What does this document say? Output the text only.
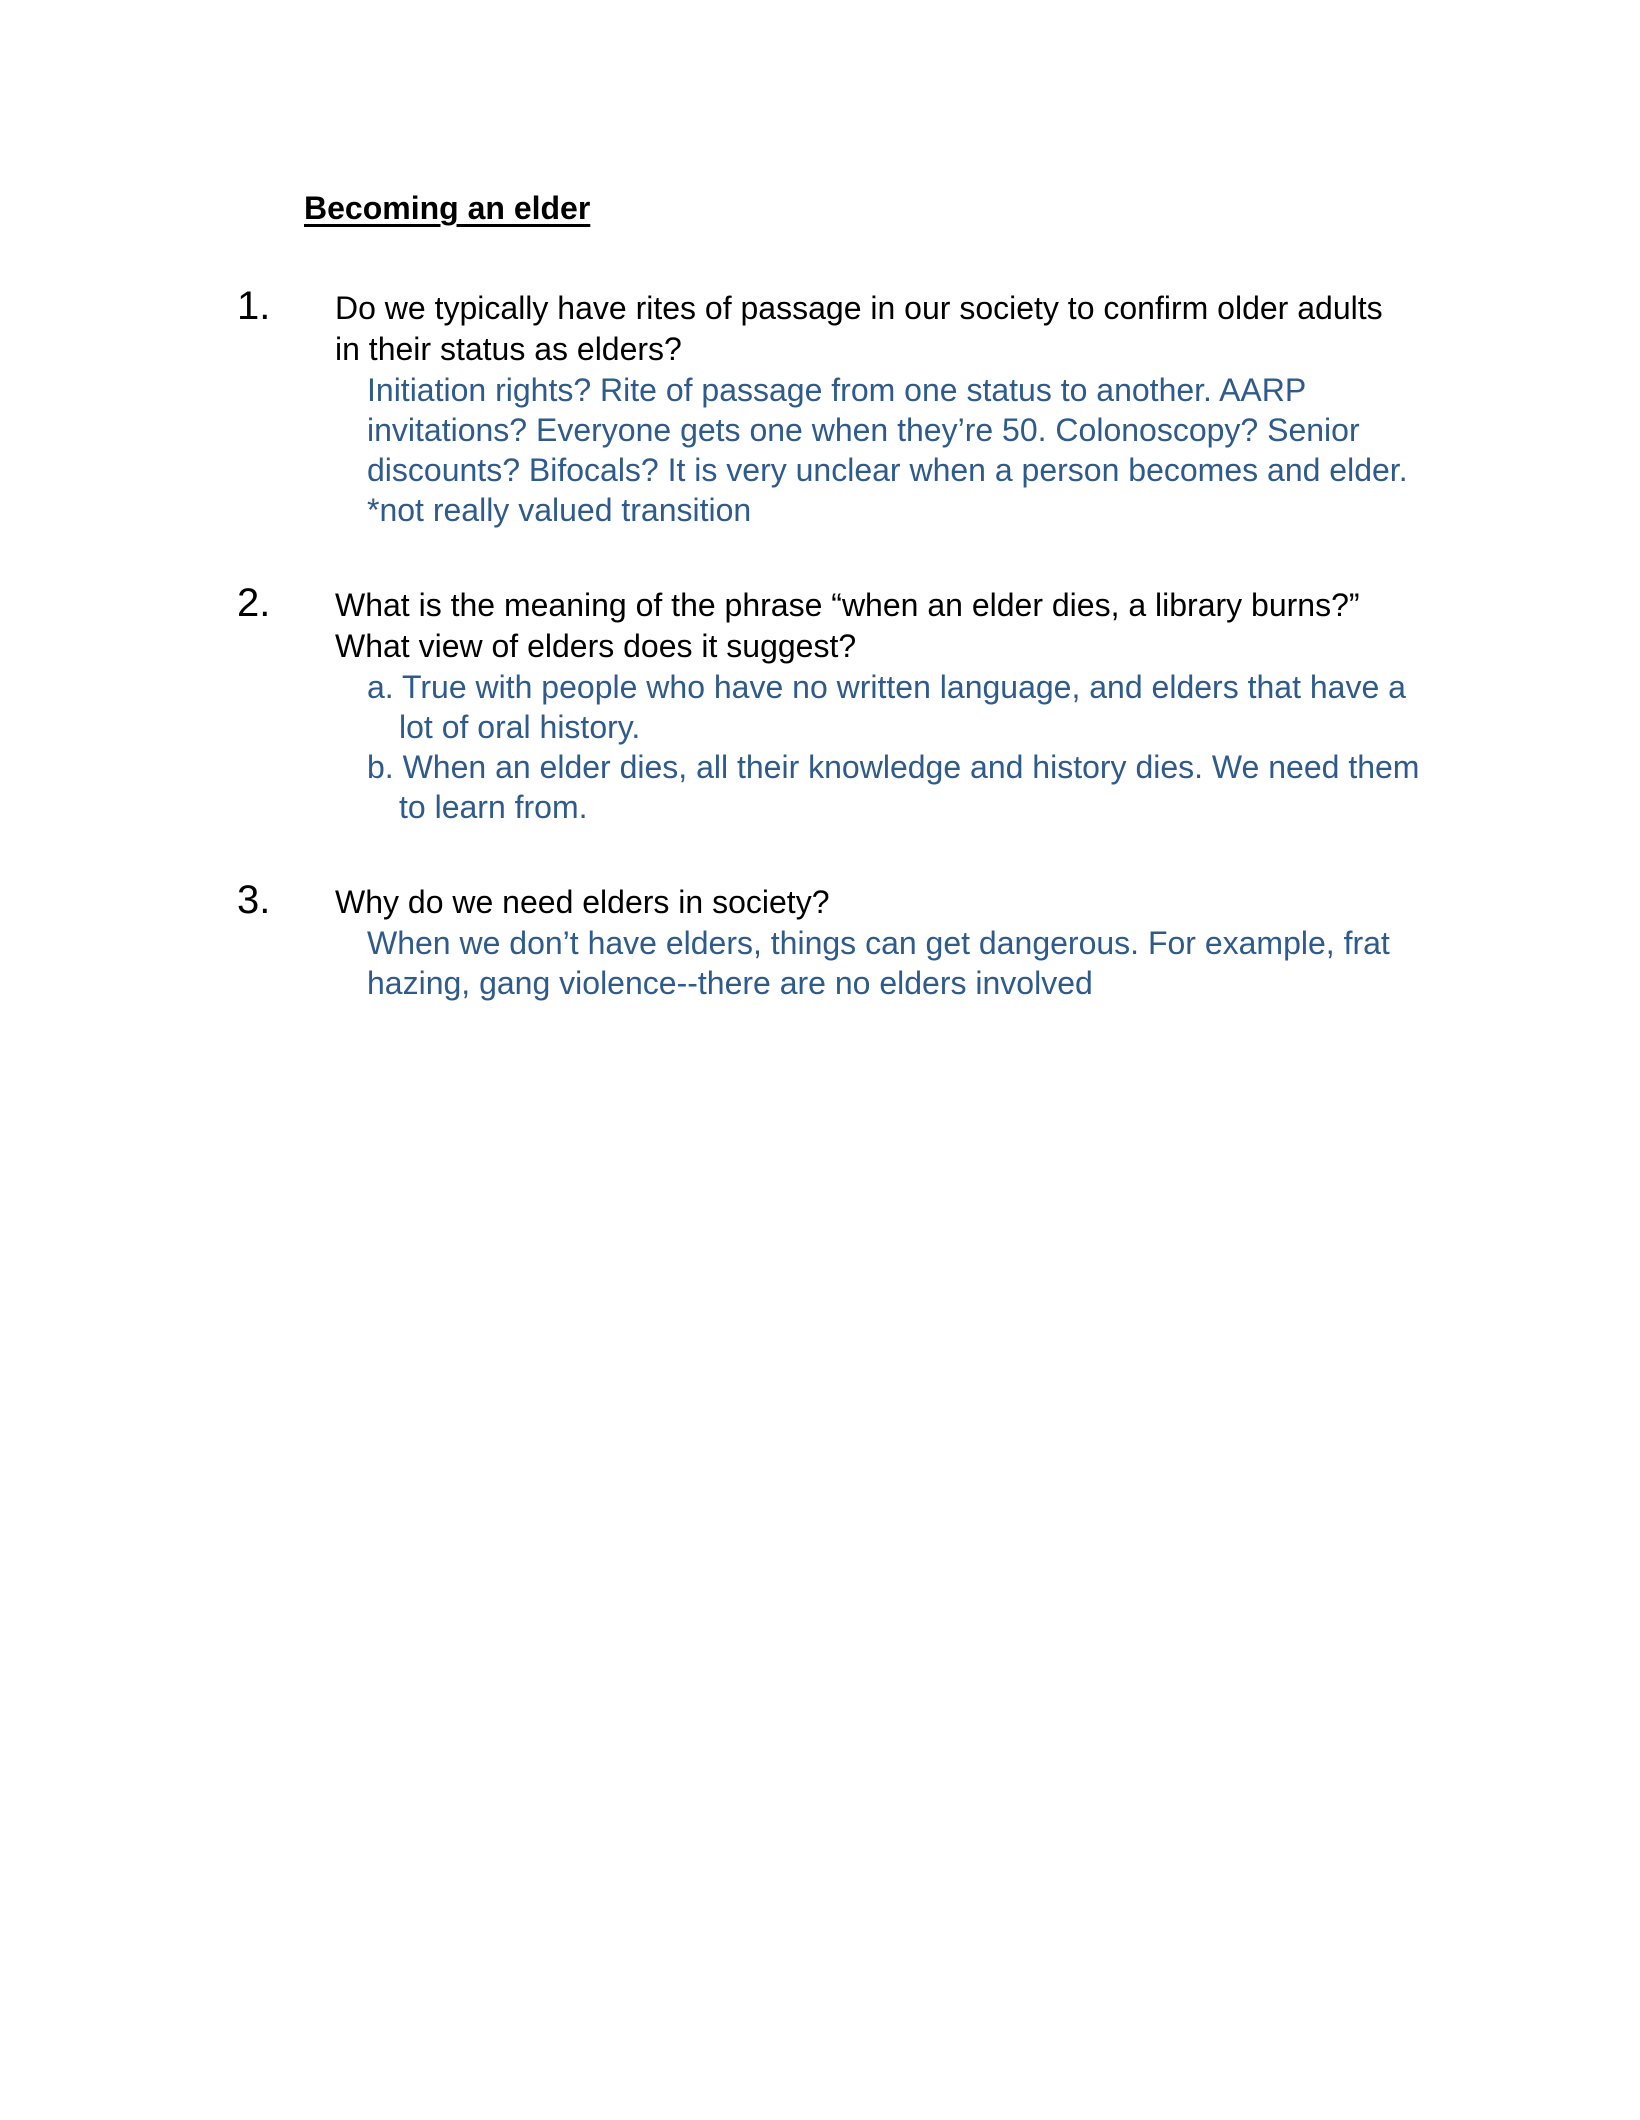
Becoming an elder
1. Do we typically have rites of passage in our society to confirm older adults in their status as elders?
Initiation rights? Rite of passage from one status to another. AARP invitations? Everyone gets one when they’re 50. Colonoscopy? Senior discounts? Bifocals? It is very unclear when a person becomes and elder. *not really valued transition
2. What is the meaning of the phrase “when an elder dies, a library burns?” What view of elders does it suggest?
a. True with people who have no written language, and elders that have a lot of oral history.
b. When an elder dies, all their knowledge and history dies. We need them to learn from.
3. Why do we need elders in society?
When we don’t have elders, things can get dangerous. For example, frat hazing, gang violence--there are no elders involved
